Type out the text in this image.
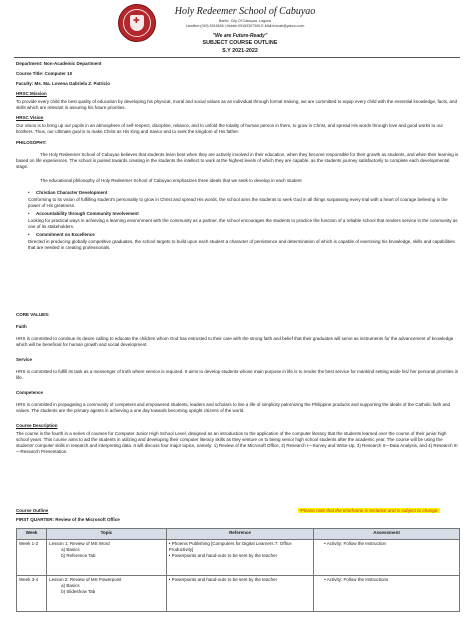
✚
Holy Redeemer School of Cabuyao
Banlic, City Of Cabuyao, Laguna
Landline:(049) 5316636 | Mobile:09163307306 E-Mail:hrscab@yahoo.com
"We are Future-Ready"
SUBJECT COURSE OUTLINE
S.Y 2021-2022
Department: Non-Academic Department
Course Title: Computer 10
Faculty: Ms. Ma. Lovena Gabriela Z. Patricio
HRSC Mission
To provide every child the best quality of education by developing his physical, moral and social values as an individual through formal training, we are committed to equip every child with the essential knowledge, facts, and skills which are relevant in assuring his future priorities.
HRSC Vision
Our vision is to bring up our pupils in an atmosphere of self-respect, discipline, reliance, and to unfold the totality of human person in them, to grow in Christ, and spread His words through love and good works to our brothers. Thus, our ultimate goal is to make Christ as His King and Savior and to seek the kingdom of His father.
PHILOSOPHY:
The Holy Redeemer School of Cabuyao believes that students learn best when they are actively involved in their education, when they become responsible for their growth as students, and when their learning is based on life experiences. The school is poised towards creating in the students the intellect to work at the highest levels of which they are capable, as the students journey satisfactorily to complete each developmental stage.
The educational philosophy of Holy Redeemer School of Cabuyao emphasizes three ideals that we seek to develop in each student
• Christian Character Development
Conforming to its vision of fulfilling student's personality to grow in Christ and spread His words, the school aims the students to seek God in all things surpassing every trial with a heart of courage believing in the power of His greatness.
• Accountability through Community Involvement
Looking for practical ways in achieving a learning environment with the community as a partner, the school encourages the students to practice the function of a reliable school that renders service in the community as one of its stakeholders.
• Commitment on Excellence
Directed in producing globally competitive graduates, the school targets to build upon each student a character of persistence and determination of which is capable of exercising his knowledge, skills and capabilities that are needed in creating professionals.
CORE VALUES:
Faith
HRS is committed to continue its desire calling to educate the children whom God has entrusted to their care with the strong faith and belief that their graduates will serve as instruments for the advancement of knowledge which will be beneficial for human growth and social development.
Service
HRS is committed to fulfill its task as a messenger of truth where service is required. It aims to develop students whose main purpose in life is to render the best service for mankind setting aside his/ her personal priorities in life.
Competence
HRS is committed in propagating a community of competent and empowered students, leaders and scholars to live a life of simplicity patronizing the Philippine products and supporting the ideals of the Catholic faith and values. The students are the primary agents in achieving a one day towards becoming upright citizens of the world.
Course Description
The course is the fourth in a series of courses for Computer Junior High School Level, designed as an introduction to the application of the computer literacy that the students learned over the course of their junior high school years. This course aims to aid the students in utilizing and developing their computer literacy skills as they venture on to being senior high school students after the academic year. The course will be using the students' computer skills in research and interpreting data. It will discuss four major topics, namely: 1) Review of the Microsoft Office, 2) Research I—Survey and Write-Up, 3) Research II—Data Analysis, and 4) Research III—Research Presentation.
Course Outline	*Please note that the timeframe is tentative and is subject to change.
FIRST QUARTER: Review of the Microsoft Office
Week	Topic	Reference	Assessment
Week 1-2	Lesson 1: Review of MS Word
a) Basics
b) Reference Tab	• Phoenix Publishing [Computers for Digital Learners 7: Office Productivity]
• Powerpoints and hand-outs to be sent by the teacher	• Activity: Follow the Instruction

Week 3-4	Lesson 2: Review of MS Powerpoint
a) Basics
b) Slideshow Tab	• Powerpoints and hand-outs to be sent by the teacher	• Activity: Follow the Instructions
